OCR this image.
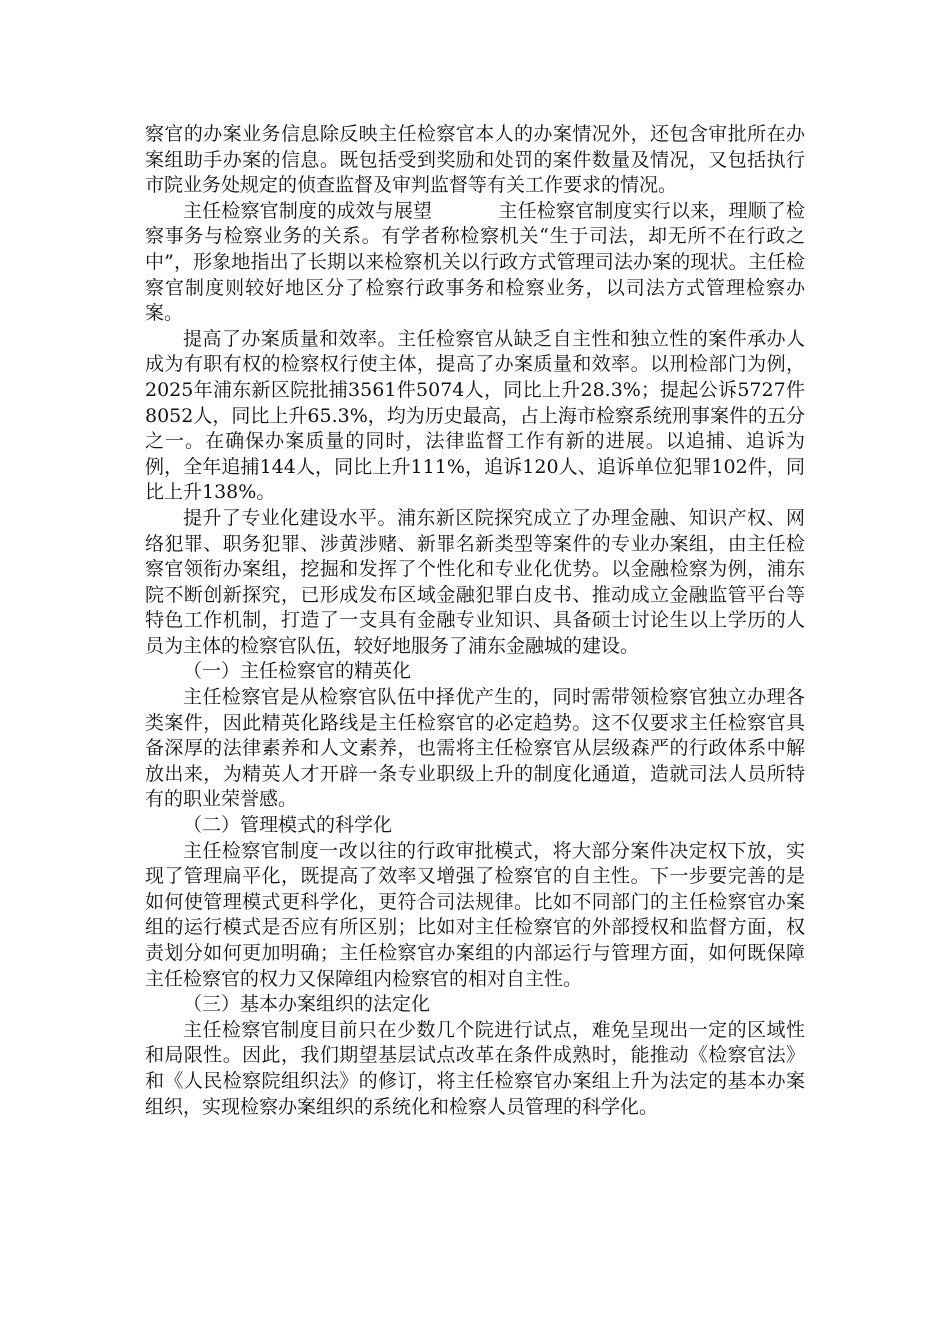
察官的办案业务信息除反映主任检察官本人的办案情况外，还包含审批所在办案组助手办案的信息。既包括受到奖励和处罚的案件数量及情况，又包括执行市院业务处规定的侦查监督及审判监督等有关工作要求的情况。

主任检察官制度的成效与展望	主任检察官制度实行以来，理顺了检察事务与检察业务的关系。有学者称检察机关“生于司法，却无所不在行政之中”，形象地指出了长期以来检察机关以行政方式管理司法办案的现状。主任检察官制度则较好地区分了检察行政事务和检察业务，以司法方式管理检察办案。

提高了办案质量和效率。主任检察官从缺乏自主性和独立性的案件承办人成为有职有权的检察权行使主体，提高了办案质量和效率。以刑检部门为例，2025年浦东新区院批捕3561件5074人，同比上升28.3%；提起公诉5727件8052人，同比上升65.3%，均为历史最高，占上海市检察系统刑事案件的五分之一。在确保办案质量的同时，法律监督工作有新的进展。以追捕、追诉为例，全年追捕144人，同比上升111%，追诉120人、追诉单位犯罪102件，同比上升138%。

提升了专业化建设水平。浦东新区院探究成立了办理金融、知识产权、网络犯罪、职务犯罪、涉黄涉赌、新罪名新类型等案件的专业办案组，由主任检察官领衔办案组，挖掘和发挥了个性化和专业化优势。以金融检察为例，浦东院不断创新探究，已形成发布区域金融犯罪白皮书、推动成立金融监管平台等特色工作机制，打造了一支具有金融专业知识、具备硕士讨论生以上学历的人员为主体的检察官队伍，较好地服务了浦东金融城的建设。

（一）主任检察官的精英化

主任检察官是从检察官队伍中择优产生的，同时需带领检察官独立办理各类案件，因此精英化路线是主任检察官的必定趋势。这不仅要求主任检察官具备深厚的法律素养和人文素养，也需将主任检察官从层级森严的行政体系中解放出来，为精英人才开辟一条专业职级上升的制度化通道，造就司法人员所特有的职业荣誉感。

（二）管理模式的科学化

主任检察官制度一改以往的行政审批模式，将大部分案件决定权下放，实现了管理扁平化，既提高了效率又增强了检察官的自主性。下一步要完善的是如何使管理模式更科学化，更符合司法规律。比如不同部门的主任检察官办案组的运行模式是否应有所区别；比如对主任检察官的外部授权和监督方面，权责划分如何更加明确；主任检察官办案组的内部运行与管理方面，如何既保障主任检察官的权力又保障组内检察官的相对自主性。

（三）基本办案组织的法定化

主任检察官制度目前只在少数几个院进行试点，难免呈现出一定的区域性和局限性。因此，我们期望基层试点改革在条件成熟时，能推动《检察官法》和《人民检察院组织法》的修订，将主任检察官办案组上升为法定的基本办案组织，实现检察办案组织的系统化和检察人员管理的科学化。
